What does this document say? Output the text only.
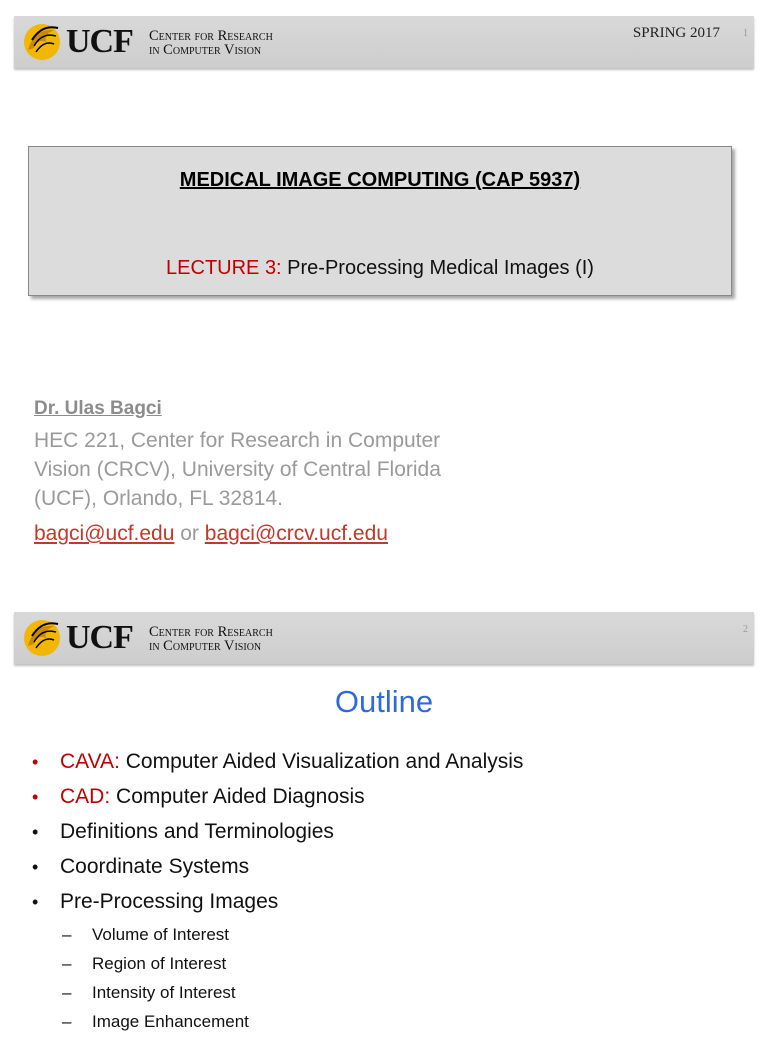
UCF Center for Research
in Computer Vision
SPRING 2017 1
MEDICAL IMAGE COMPUTING (CAP 5937)
LECTURE 3: Pre-Processing Medical Images (I)
Dr. Ulas Bagci
HEC 221, Center for Research in Computer
Vision (CRCV), University of Central Florida
(UCF), Orlando, FL 32814.
bagci@ucf.edu or bagci@crcv.ucf.edu
UCF Center for Research
in Computer Vision
2
Outline
•	CAVA: Computer Aided Visualization and Analysis
•	CAD: Computer Aided Diagnosis
•	Definitions and Terminologies
•	Coordinate Systems
•	Pre-Processing Images
–	Volume of Interest
–	Region of Interest
–	Intensity of Interest
–	Image Enhancement
